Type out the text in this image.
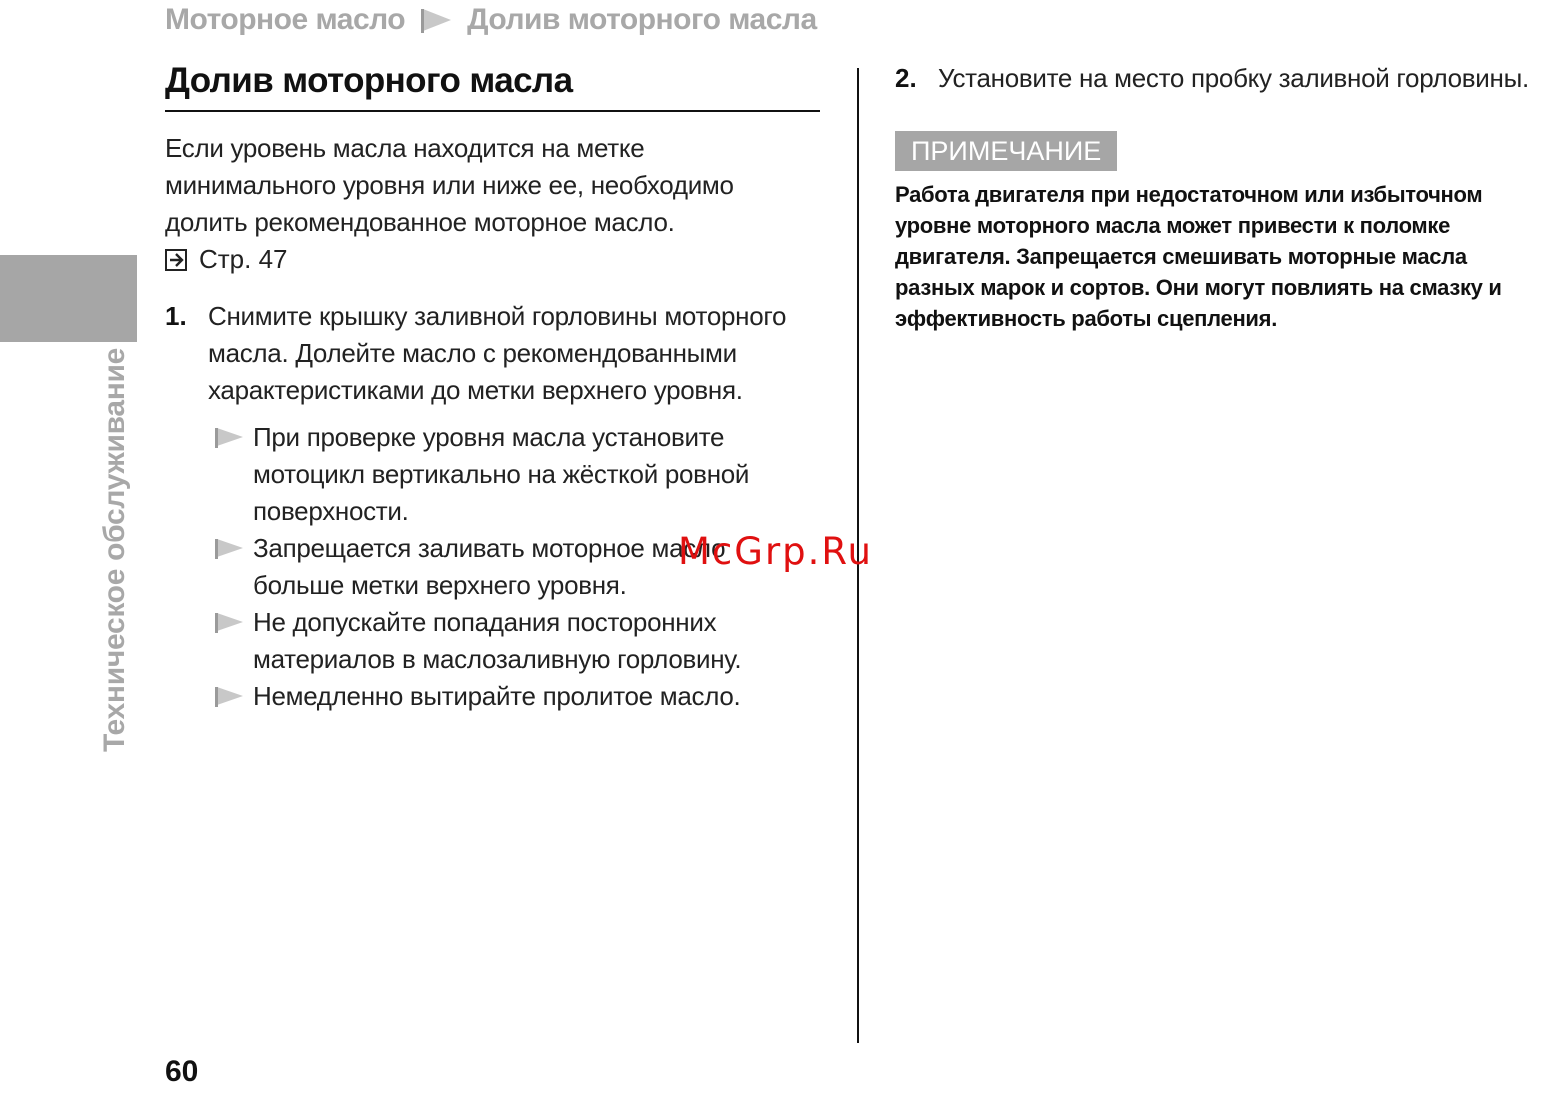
Моторное масло Долив моторного масла
Техническое обслуживание
Долив моторного масла
Если уровень масла находится на метке минимального уровня или ниже ее, необходимо долить рекомендованное моторное масло.
Стр. 47
1. Снимите крышку заливной горловины моторного масла. Долейте масло с рекомендованными характеристиками до метки верхнего уровня.
При проверке уровня масла установите мотоцикл вертикально на жёсткой ровной поверхности.
Запрещается заливать моторное масло больше метки верхнего уровня.
Не допускайте попадания посторонних материалов в маслозаливную горловину.
Немедленно вытирайте пролитое масло.
2. Установите на место пробку заливной горловины.
ПРИМЕЧАНИЕ
Работа двигателя при недостаточном или избыточном уровне моторного масла может привести к поломке двигателя. Запрещается смешивать моторные масла разных марок и сортов. Они могут повлиять на смазку и эффективность работы сцепления.
McGrp.Ru
60
